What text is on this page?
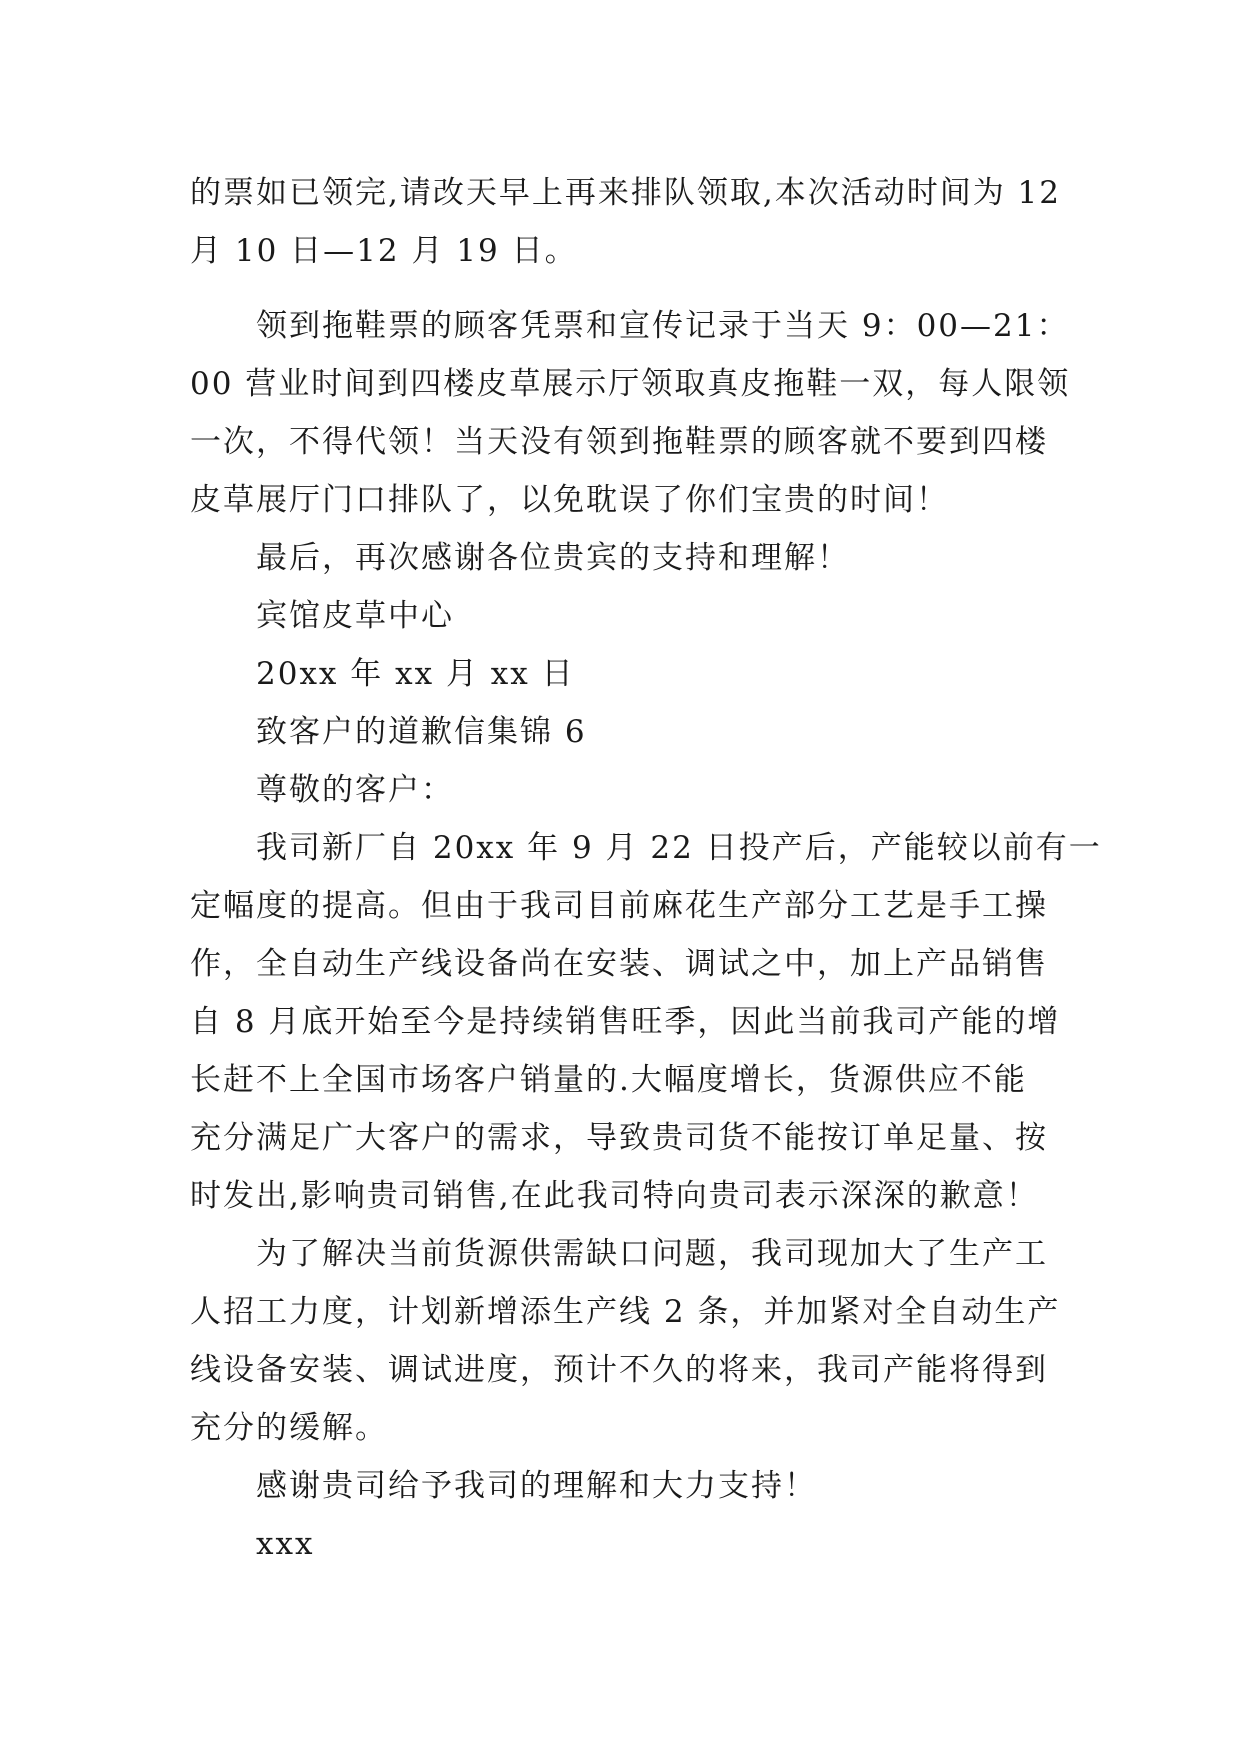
的票如已领完,请改天早上再来排队领取,本次活动时间为 12
月 10 日—12 月 19 日。
领到拖鞋票的顾客凭票和宣传记录于当天 9：00—21：
00 营业时间到四楼皮草展示厅领取真皮拖鞋一双，每人限领
一次，不得代领！当天没有领到拖鞋票的顾客就不要到四楼
皮草展厅门口排队了，以免耽误了你们宝贵的时间！
最后，再次感谢各位贵宾的支持和理解！
宾馆皮草中心
20xx 年 xx 月 xx 日
致客户的道歉信集锦 6
尊敬的客户：
我司新厂自 20xx 年 9 月 22 日投产后，产能较以前有一
定幅度的提高。但由于我司目前麻花生产部分工艺是手工操
作，全自动生产线设备尚在安装、调试之中，加上产品销售
自 8 月底开始至今是持续销售旺季，因此当前我司产能的增
长赶不上全国市场客户销量的.大幅度增长，货源供应不能
充分满足广大客户的需求，导致贵司货不能按订单足量、按
时发出,影响贵司销售,在此我司特向贵司表示深深的歉意！
为了解决当前货源供需缺口问题，我司现加大了生产工
人招工力度，计划新增添生产线 2 条，并加紧对全自动生产
线设备安装、调试进度，预计不久的将来，我司产能将得到
充分的缓解。
感谢贵司给予我司的理解和大力支持！
xxx
